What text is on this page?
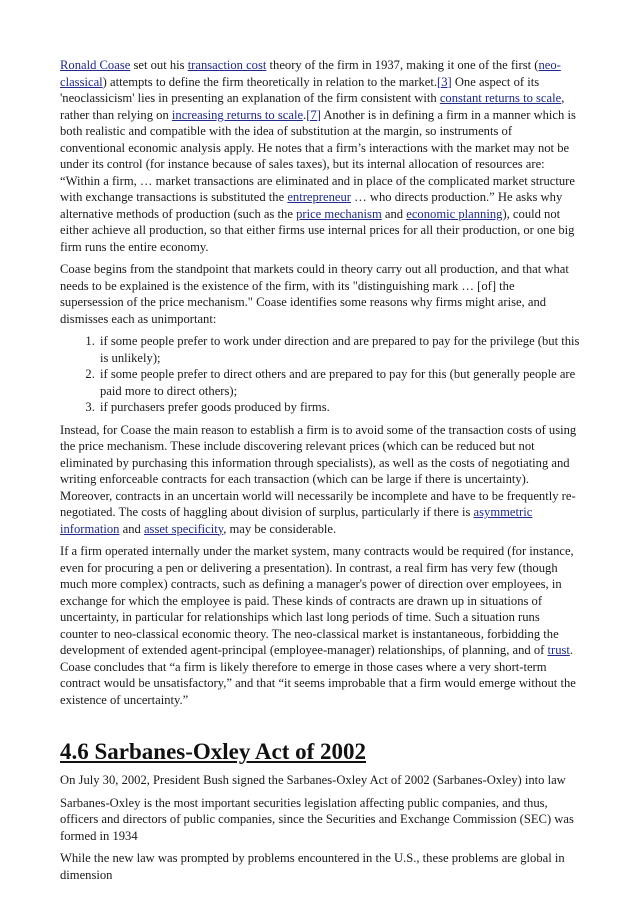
Ronald Coase set out his transaction cost theory of the firm in 1937, making it one of the first (neo-classical) attempts to define the firm theoretically in relation to the market.[3] One aspect of its 'neoclassicism' lies in presenting an explanation of the firm consistent with constant returns to scale, rather than relying on increasing returns to scale.[7] Another is in defining a firm in a manner which is both realistic and compatible with the idea of substitution at the margin, so instruments of conventional economic analysis apply. He notes that a firm’s interactions with the market may not be under its control (for instance because of sales taxes), but its internal allocation of resources are: “Within a firm, … market transactions are eliminated and in place of the complicated market structure with exchange transactions is substituted the entrepreneur … who directs production.” He asks why alternative methods of production (such as the price mechanism and economic planning), could not either achieve all production, so that either firms use internal prices for all their production, or one big firm runs the entire economy.

Coase begins from the standpoint that markets could in theory carry out all production, and that what needs to be explained is the existence of the firm, with its "distinguishing mark … [of] the supersession of the price mechanism." Coase identifies some reasons why firms might arise, and dismisses each as unimportant:

1. if some people prefer to work under direction and are prepared to pay for the privilege (but this is unlikely);
2. if some people prefer to direct others and are prepared to pay for this (but generally people are paid more to direct others);
3. if purchasers prefer goods produced by firms.

Instead, for Coase the main reason to establish a firm is to avoid some of the transaction costs of using the price mechanism. These include discovering relevant prices (which can be reduced but not eliminated by purchasing this information through specialists), as well as the costs of negotiating and writing enforceable contracts for each transaction (which can be large if there is uncertainty). Moreover, contracts in an uncertain world will necessarily be incomplete and have to be frequently re-negotiated. The costs of haggling about division of surplus, particularly if there is asymmetric information and asset specificity, may be considerable.

If a firm operated internally under the market system, many contracts would be required (for instance, even for procuring a pen or delivering a presentation). In contrast, a real firm has very few (though much more complex) contracts, such as defining a manager's power of direction over employees, in exchange for which the employee is paid. These kinds of contracts are drawn up in situations of uncertainty, in particular for relationships which last long periods of time. Such a situation runs counter to neo-classical economic theory. The neo-classical market is instantaneous, forbidding the development of extended agent-principal (employee-manager) relationships, of planning, and of trust. Coase concludes that “a firm is likely therefore to emerge in those cases where a very short-term contract would be unsatisfactory,” and that “it seems improbable that a firm would emerge without the existence of uncertainty.”

4.6 Sarbanes-Oxley Act of 2002

On July 30, 2002, President Bush signed the Sarbanes-Oxley Act of 2002 (Sarbanes-Oxley) into law

Sarbanes-Oxley is the most important securities legislation affecting public companies, and thus, officers and directors of public companies, since the Securities and Exchange Commission (SEC) was formed in 1934

While the new law was prompted by problems encountered in the U.S., these problems are global in dimension
